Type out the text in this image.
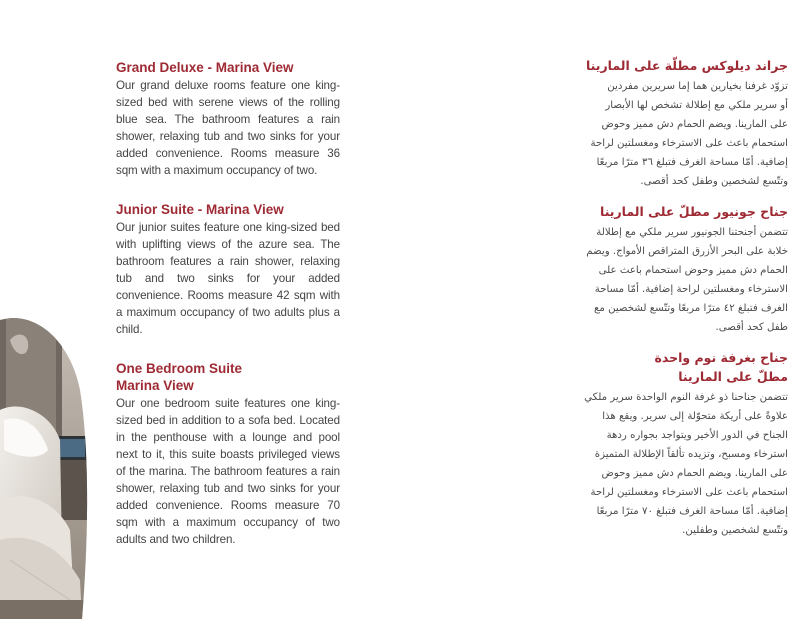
Grand Deluxe - Marina View

Our grand deluxe rooms feature one king-sized bed with serene views of the rolling blue sea. The bathroom features a rain shower, relaxing tub and two sinks for your added convenience. Rooms measure 36 sqm with a maximum occupancy of two.

Junior Suite - Marina View

Our junior suites feature one king-sized bed with uplifting views of the azure sea. The bathroom features a rain shower, relaxing tub and two sinks for your added convenience. Rooms measure 42 sqm with a maximum occupancy of two adults plus a child.

One Bedroom Suite
Marina View

Our one bedroom suite features one king-sized bed in addition to a sofa bed. Located in the penthouse with a lounge and pool next to it, this suite boasts privileged views of the marina. The bathroom features a rain shower, relaxing tub and two sinks for your added convenience. Rooms measure 70 sqm with a maximum occupancy of two adults and two children.

جراند ديلوكس مطلّة على المارينا

تزوّد غرفنا بخيارين هما إما سريرين مفردين
أو سرير ملكي مع إطلالة تشخص لها الأبصار
على المارينا. ويضم الحمام دش مميز وحوض
استحمام باعث على الاسترخاء ومغسلتين لراحة
إضافية. أمّا مساحة الغرف فتبلغ ٣٦ مترًا مربعًا
وتتّسع لشخصين وطفل كحد أقصى.

جناح جونيور مطلّ على المارينا

تتضمن أجنحتنا الجونيور سرير ملكي مع إطلالة
خلابة على البحر الأزرق المتراقص الأمواج. ويضم
الحمام دش مميز وحوض استحمام باعث على
الاسترخاء ومغسلتين لراحة إضافية. أمّا مساحة
الغرف فتبلغ ٤٢ مترًا مربعًا وتتّسع لشخصين مع
طفل كحد أقصى.

جناح بغرفة نوم واحدة
مطلّ على المارينا

تتضمن جناحنا ذو غرفة النوم الواحدة سرير ملكي
علاوةً على أريكة متحوّلة إلى سرير. ويقع هذا
الجناح في الدور الأخير ويتواجد بجواره ردهة
استرخاء ومسبح، وتزيده تألقاً الإطلالة المتميزة
على المارينا. ويضم الحمام دش مميز وحوض
استحمام باعث على الاسترخاء ومغسلتين لراحة
إضافية. أمّا مساحة الغرف فتبلغ ٧٠ مترًا مربعًا
وتتّسع لشخصين وطفلين.
